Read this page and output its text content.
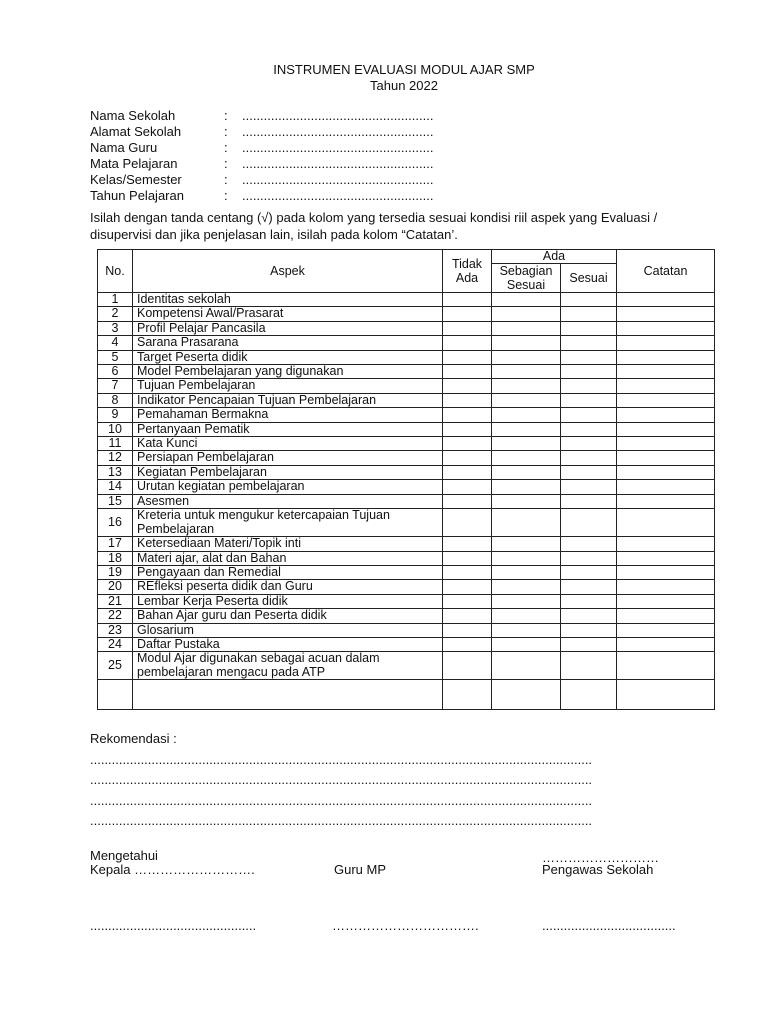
INSTRUMEN EVALUASI MODUL AJAR SMP
Tahun 2022
Nama Sekolah	:	.....................................................
Alamat Sekolah	:	.....................................................
Nama Guru	:	.....................................................
Mata Pelajaran	:	.....................................................
Kelas/Semester	:	.....................................................
Tahun Pelajaran	:	.....................................................
Isilah dengan tanda centang (√) pada kolom yang tersedia sesuai kondisi riil aspek yang Evaluasi / disupervisi dan jika penjelasan lain, isilah pada kolom “Catatan’.
No.	Aspek	Tidak Ada	Ada		Catatan
			Sebagian Sesuai	Sesuai	
1	Identitas sekolah				
2	Kompetensi Awal/Prasarat				
3	Profil Pelajar Pancasila				
4	Sarana Prasarana				
5	Target Peserta didik				
6	Model Pembelajaran yang digunakan				
7	Tujuan Pembelajaran				
8	Indikator Pencapaian Tujuan Pembelajaran				
9	Pemahaman Bermakna				
10	Pertanyaan Pematik				
11	Kata Kunci				
12	Persiapan Pembelajaran				
13	Kegiatan Pembelajaran				
14	Urutan kegiatan pembelajaran				
15	Asesmen				
16	Kreteria untuk mengukur ketercapaian Tujuan Pembelajaran				
17	Ketersediaan Materi/Topik inti				
18	Materi ajar, alat dan Bahan				
19	Pengayaan dan Remedial				
20	REfleksi peserta didik dan Guru				
21	Lembar Kerja Peserta didik				
22	Bahan Ajar guru dan Peserta didik				
23	Glosarium				
24	Daftar Pustaka				
25	Modul Ajar digunakan sebagai acuan dalam pembelajaran mengacu pada ATP				

Rekomendasi :
...........................................................................................................................................
...........................................................................................................................................
...........................................................................................................................................
...........................................................................................................................................
Mengetahui
Kepala ……………………….	Guru MP
………………………
Pengawas Sekolah
..............................................	…………………………….	.....................................
